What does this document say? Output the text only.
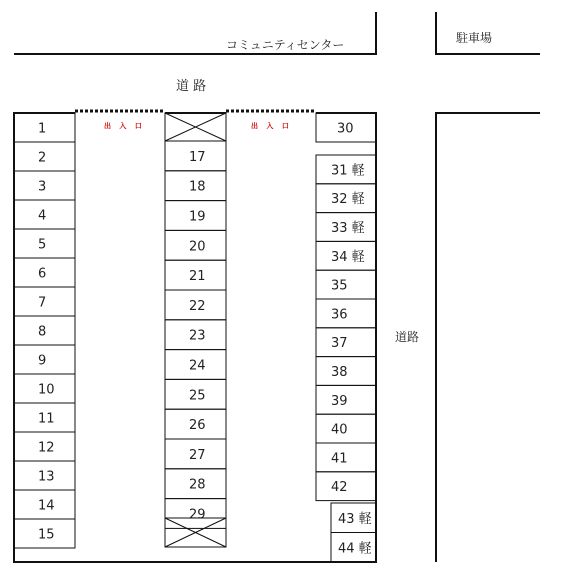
コミュニティセンター	駐車場
道 路
道路
出 入 口	出 入 口
1
2
3
4
5
6
7
8
9
10
11
12
13
14
15
17
18
19
20
21
22
23
24
25
26
27
28
29
30
31 軽
32 軽
33 軽
34 軽
35
36
37
38
39
40
41
42
43 軽
44 軽
